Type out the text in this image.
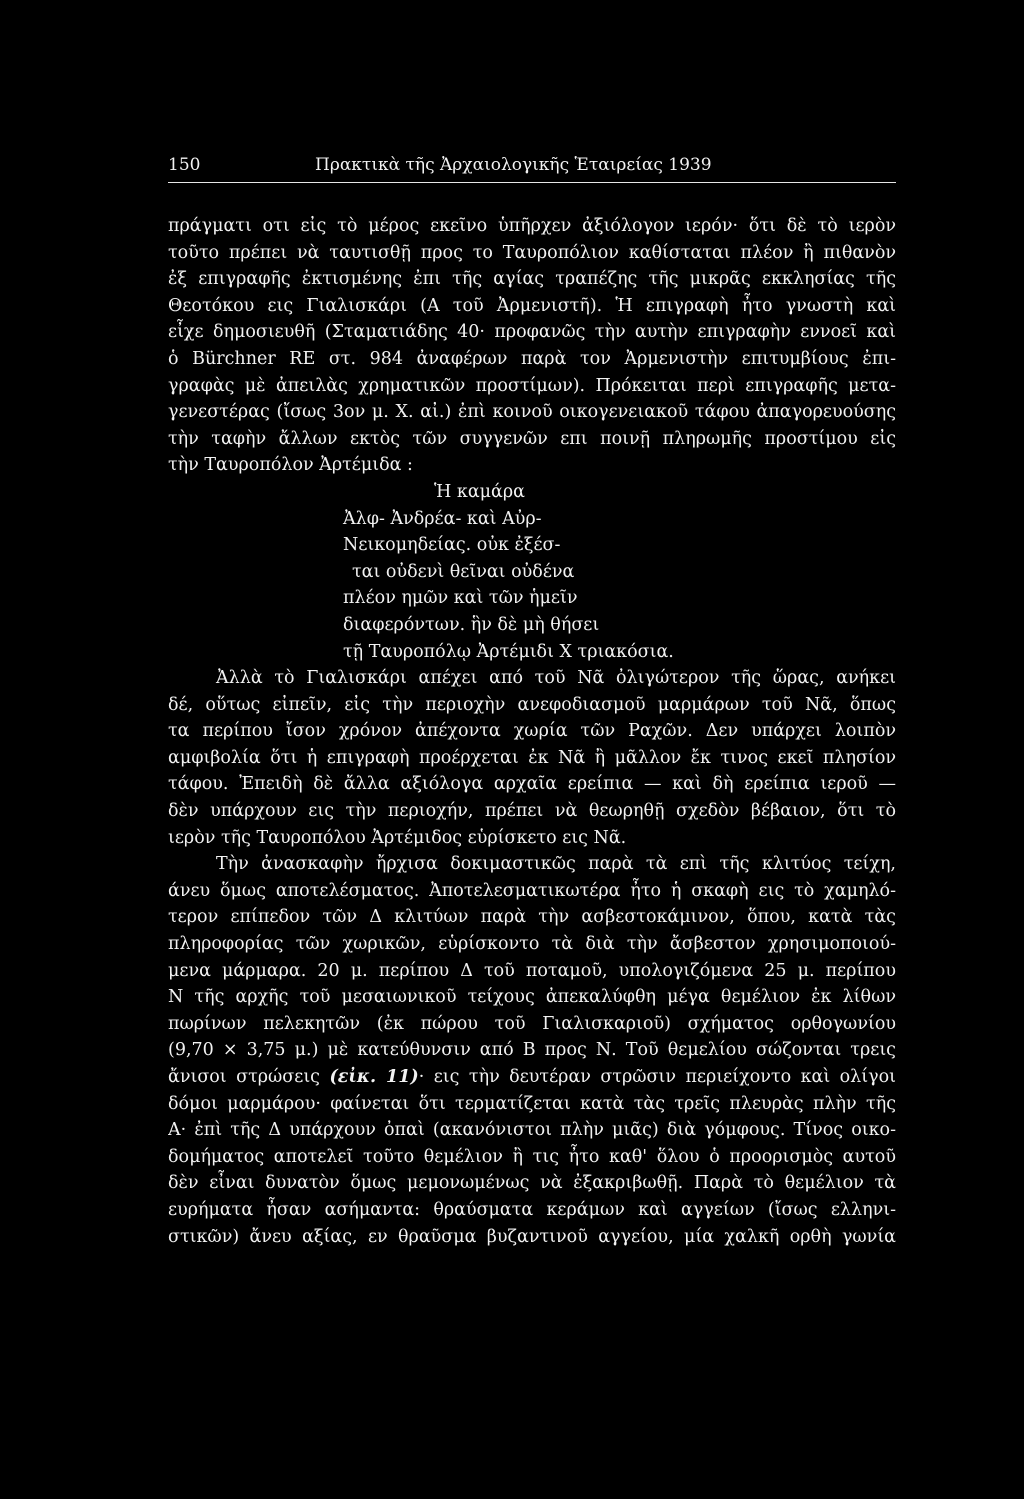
150	Πρακτικὰ τῆς Ἀρχαιολογικῆς Ἑταιρείας 1939
πράγματι οτι εἰς τὸ μέρος εκεῖνο ὑπῆρχεν ἀξιόλογον ιερόν· ὅτι δὲ τὸ ιερὸν
τοῦτο πρέπει νὰ ταυτισθῇ προς το Ταυροπόλιον καθίσταται πλέον ἢ πιθανὸν
ἐξ επιγραφῆς ἐκτισμένης ἐπι τῆς αγίας τραπέζης τῆς μικρᾶς εκκλησίας τῆς
Θεοτόκου εις Γιαλισκάρι (Α τοῦ Ἀρμενιστῆ). Ἡ επιγραφὴ ἦτο γνωστὴ καὶ
εἶχε δημοσιευθῆ (Σταματιάδης 40· προφανῶς τὴν αυτὴν επιγραφὴν εννοεῖ καὶ
ὁ Bürchner RE στ. 984 ἀναφέρων παρὰ τον Ἀρμενιστὴν επιτυμβίους ἐπι-
γραφὰς μὲ ἀπειλὰς χρηματικῶν προστίμων). Πρόκειται περὶ επιγραφῆς μετα-
γενεστέρας (ἴσως 3ον μ. Χ. αἰ.) ἐπὶ κοινοῦ οικογενειακοῦ τάφου ἀπαγορευούσης
τὴν ταφὴν ἄλλων εκτὸς τῶν συγγενῶν επι ποινῇ πληρωμῆς προστίμου εἰς
τὴν Ταυροπόλον Ἀρτέμιδα :
Ἡ καμάρα
Ἀλφ- Ἀνδρέα- καὶ Αὐρ-
Νεικομηδείας. οὐκ ἐξέσ-
ται οὐδενὶ θεῖναι οὐδένα
πλέον ημῶν καὶ τῶν ἡμεῖν
διαφερόντων. ἣν δὲ μὴ θήσει
τῇ Ταυροπόλῳ Ἀρτέμιδι Χ τριακόσια.
Ἀλλὰ τὸ Γιαλισκάρι απέχει από τοῦ Νᾶ ὀλιγώτερον τῆς ὥρας, ανήκει
δέ, οὕτως εἰπεῖν, εἰς τὴν περιοχὴν ανεφοδιασμοῦ μαρμάρων τοῦ Νᾶ, ὅπως
τα περίπου ἴσον χρόνον ἀπέχοντα χωρία τῶν Ραχῶν. Δεν υπάρχει λοιπὸν
αμφιβολία ὅτι ἡ επιγραφὴ προέρχεται ἐκ Νᾶ ἢ μᾶλλον ἔκ τινος εκεῖ πλησίον
τάφου. Ἐπειδὴ δὲ ἄλλα αξιόλογα αρχαῖα ερείπια — καὶ δὴ ερείπια ιεροῦ —
δὲν υπάρχουν εις τὴν περιοχήν, πρέπει νὰ θεωρηθῇ σχεδὸν βέβαιον, ὅτι τὸ
ιερὸν τῆς Ταυροπόλου Ἀρτέμιδος εὑρίσκετο εις Νᾶ.
Τὴν ἀνασκαφὴν ἤρχισα δοκιμαστικῶς παρὰ τὰ επὶ τῆς κλιτύος τείχη,
άνευ ὅμως αποτελέσματος. Ἀποτελεσματικωτέρα ἦτο ἡ σκαφὴ εις τὸ χαμηλό-
τερον επίπεδον τῶν Δ κλιτύων παρὰ τὴν ασβεστοκάμινον, ὅπου, κατὰ τὰς
πληροφορίας τῶν χωρικῶν, εὑρίσκοντο τὰ διὰ τὴν ἄσβεστον χρησιμοποιού-
μενα μάρμαρα. 20 μ. περίπου Δ τοῦ ποταμοῦ, υπολογιζόμενα 25 μ. περίπου
Ν τῆς αρχῆς τοῦ μεσαιωνικοῦ τείχους ἀπεκαλύφθη μέγα θεμέλιον ἐκ λίθων
πωρίνων πελεκητῶν (ἐκ πώρου τοῦ Γιαλισκαριοῦ) σχήματος ορθογωνίου
(9,70 × 3,75 μ.) μὲ κατεύθυνσιν από Β προς Ν. Τοῦ θεμελίου σώζονται τρεις
ἄνισοι στρώσεις (εἰκ. 11)· εις τὴν δευτέραν στρῶσιν περιείχοντο καὶ ολίγοι
δόμοι μαρμάρου· φαίνεται ὅτι τερματίζεται κατὰ τὰς τρεῖς πλευρὰς πλὴν τῆς
Α· ἐπὶ τῆς Δ υπάρχουν ὀπαὶ (ακανόνιστοι πλὴν μιᾶς) διὰ γόμφους. Τίνος οικο-
δομήματος αποτελεῖ τοῦτο θεμέλιον ἢ τις ἦτο καθ' ὅλου ὁ προορισμὸς αυτοῦ
δὲν εἶναι δυνατὸν ὅμως μεμονωμένως νὰ ἐξακριβωθῇ. Παρὰ τὸ θεμέλιον τὰ
ευρήματα ἦσαν ασήμαντα: θραύσματα κεράμων καὶ αγγείων (ἴσως ελληνι-
στικῶν) ἄνευ αξίας, εν θραῦσμα βυζαντινοῦ αγγείου, μία χαλκῆ ορθὴ γωνία
